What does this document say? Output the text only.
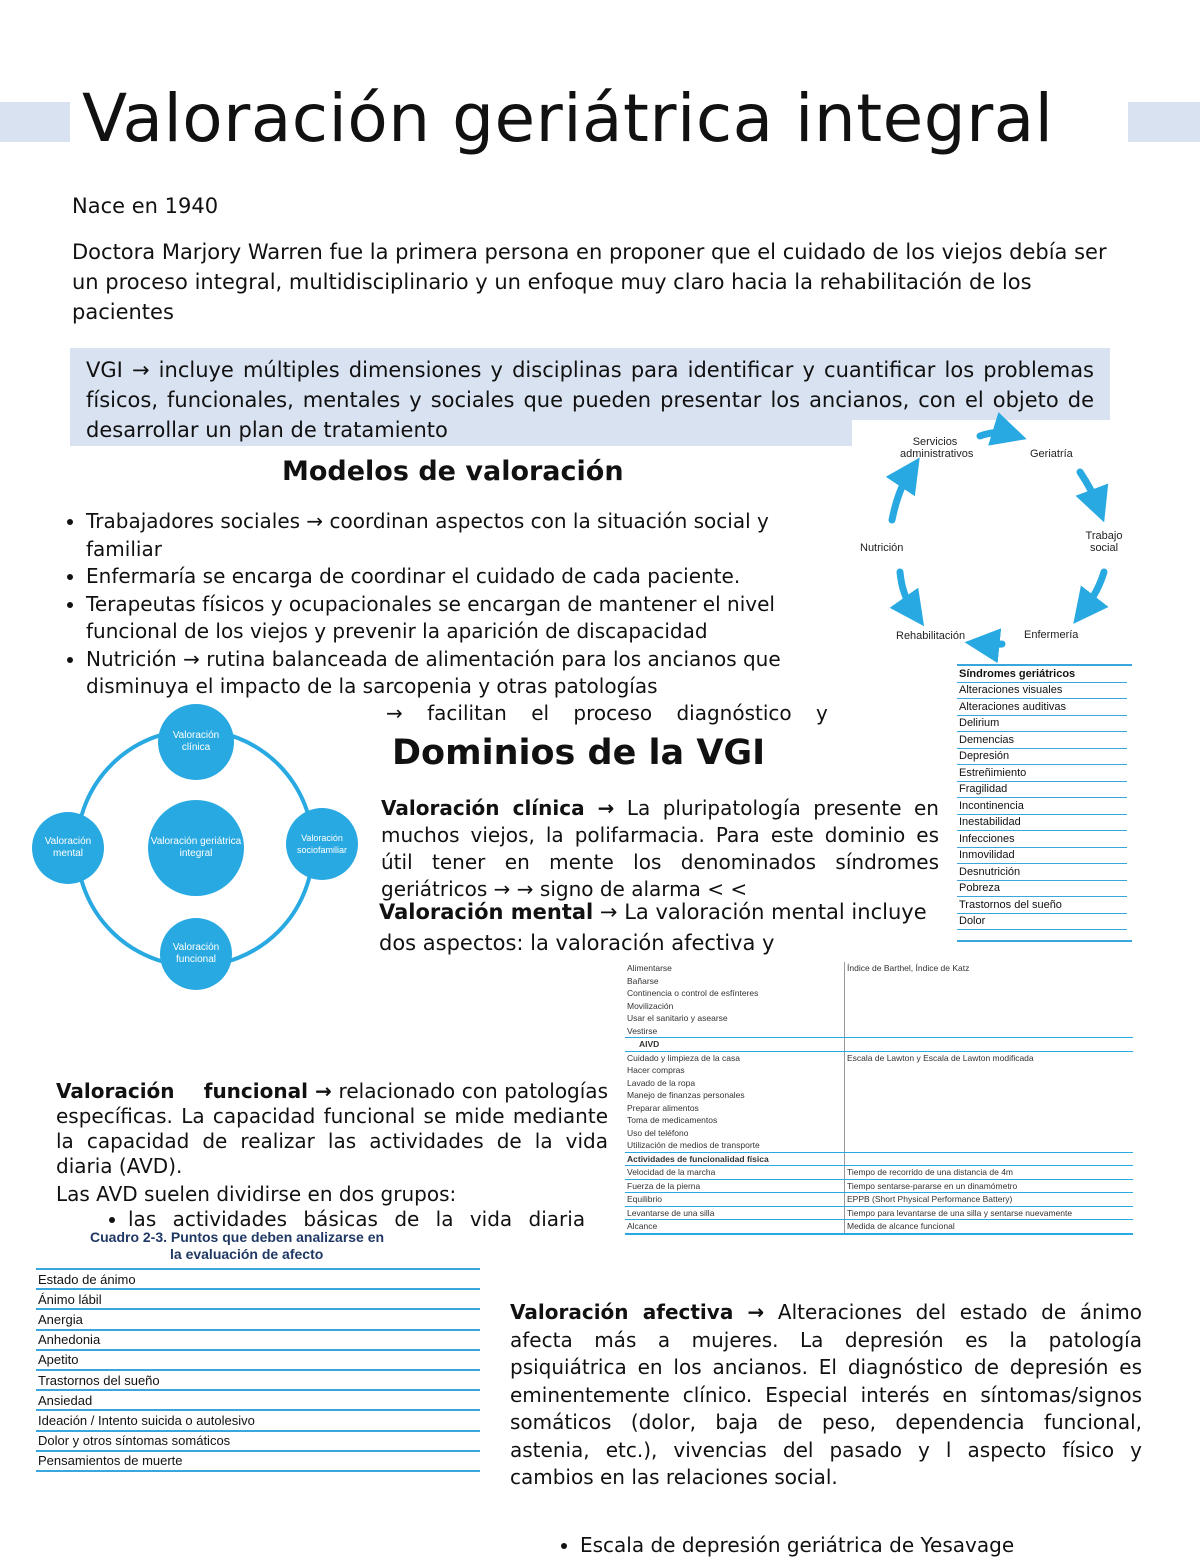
Valoración geriátrica integral
Nace en 1940
Doctora Marjory Warren fue la primera persona en proponer que el cuidado de los viejos debía ser un proceso integral, multidisciplinario y un enfoque muy claro hacia la rehabilitación de los pacientes
VGI → incluye múltiples dimensiones y disciplinas para identificar y cuantificar los problemas físicos, funcionales, mentales y sociales que pueden presentar los ancianos, con el objeto de desarrollar un plan de tratamiento	Servicios administrativos	Geriatría
Trabajo social
Enfermería
Rehabilitación
Nutrición
Modelos de valoración
• Trabajadores sociales → coordinan aspectos con la situación social y familiar
• Enfermaría se encarga de coordinar el cuidado de cada paciente.
• Terapeutas físicos y ocupacionales se encargan de mantener el nivel funcional de los viejos y prevenir la aparición de discapacidad
• Nutrición → rutina balanceada de alimentación para los ancianos que disminuya el impacto de la sarcopenia y otras patologías
→ facilitan el proceso diagnóstico y
Síndromes geriátricos
Alteraciones visuales
Alteraciones auditivas
Delirium
Demencias
Depresión
Estreñimiento
Fragilidad
Incontinencia
Inestabilidad
Infecciones
Inmovilidad
Desnutrición
Pobreza
Trastornos del sueño
Dolor
Valoración geriátrica integral
Valoración clínica
Valoración sociofamiliar
Valoración funcional
Valoración mental
Dominios de la VGI
Valoración clínica → La pluripatología presente en muchos viejos, la polifarmacia. Para este dominio es útil tener en mente los denominados síndromes geriátricos → → signo de alarma < <
Valoración mental → La valoración mental incluye dos aspectos: la valoración afectiva y
Alimentarse	Índice de Barthel, Índice de Katz
Bañarse	
Continencia o control de esfínteres	
Movilización	
Usar el sanitario y asearse	
Vestirse	
AIVD	
Cuidado y limpieza de la casa	Escala de Lawton y Escala de Lawton modificada
Hacer compras	
Lavado de la ropa	
Manejo de finanzas personales	
Preparar alimentos	
Toma de medicamentos	
Uso del teléfono	
Utilización de medios de transporte	
Actividades de funcionalidad física	
Velocidad de la marcha	Tiempo de recorrido de una distancia de 4m
Fuerza de la pierna	Tiempo sentarse-pararse en un dinamómetro
Equilibrio	EPPB (Short Physical Performance Battery)
Levantarse de una silla	Tiempo para levantarse de una silla y sentarse nuevamente
Alcance	Medida de alcance funcional
Valoración funcional → relacionado con patologías específicas. La capacidad funcional se mide mediante la capacidad de realizar las actividades de la vida diaria (AVD).
Las AVD suelen dividirse en dos grupos:
• las actividades básicas de la vida diaria
Cuadro 2-3. Puntos que deben analizarse en
la evaluación de afecto
Estado de ánimo
Ánimo lábil
Anergia
Anhedonia
Apetito
Trastornos del sueño
Ansiedad
Ideación / Intento suicida o autolesivo
Dolor y otros síntomas somáticos
Pensamientos de muerte
Valoración afectiva → Alteraciones del estado de ánimo afecta más a mujeres. La depresión es la patología psiquiátrica en los ancianos. El diagnóstico de depresión es eminentemente clínico. Especial interés en síntomas/signos somáticos (dolor, baja de peso, dependencia funcional, astenia, etc.), vivencias del pasado y l aspecto físico y cambios en las relaciones social.
• Escala de depresión geriátrica de Yesavage
